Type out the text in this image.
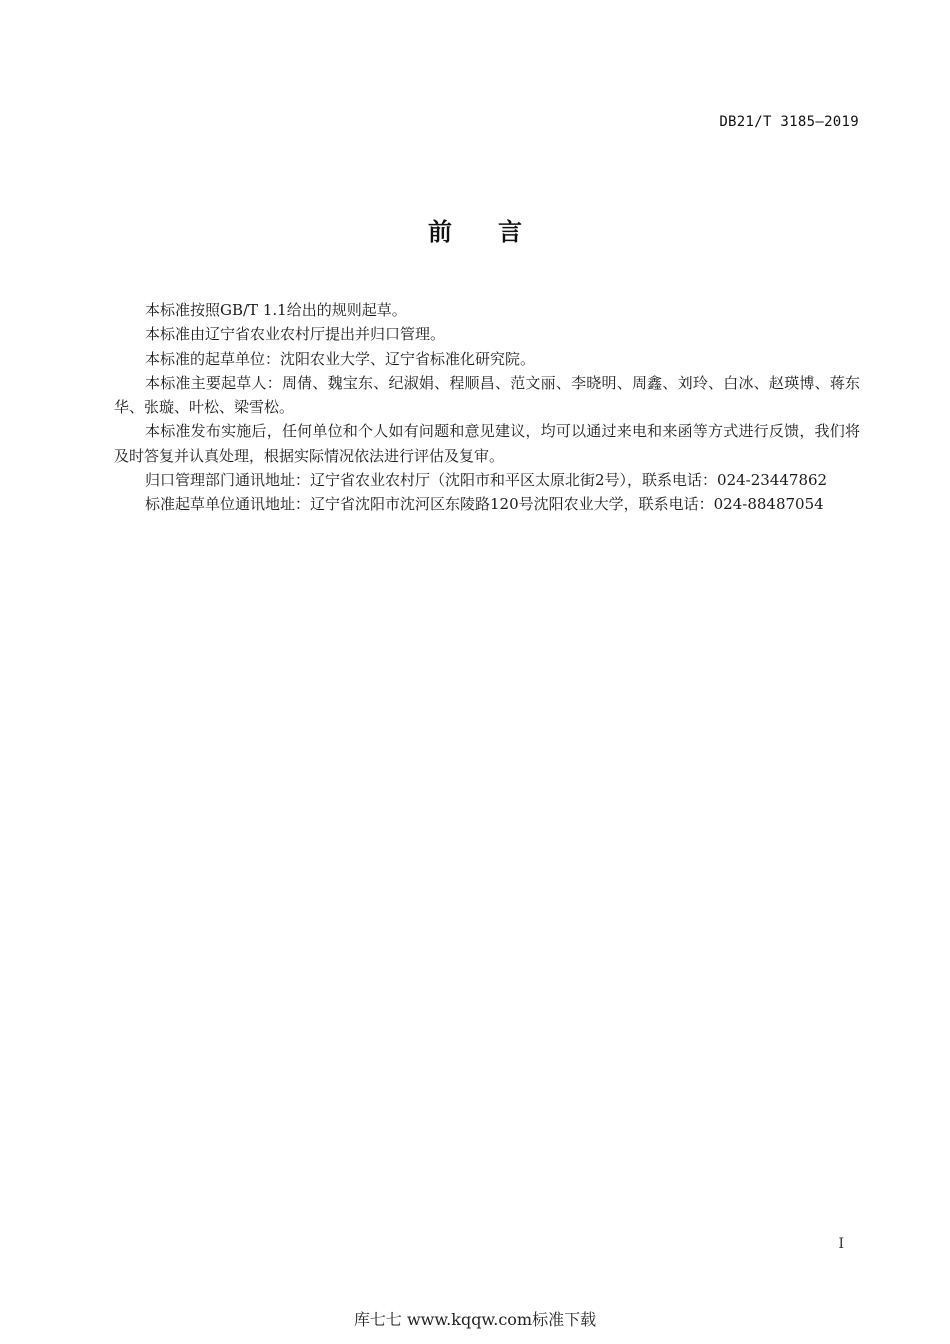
DB21/T 3185—2019
前 言

本标准按照GB/T 1.1给出的规则起草。

本标准由辽宁省农业农村厅提出并归口管理。

本标准的起草单位：沈阳农业大学、辽宁省标准化研究院。

本标准主要起草人：周倩、魏宝东、纪淑娟、程顺昌、范文丽、李晓明、周鑫、刘玲、白冰、赵瑛博、蒋东华、张璇、叶松、梁雪松。

本标准发布实施后，任何单位和个人如有问题和意见建议，均可以通过来电和来函等方式进行反馈，我们将及时答复并认真处理，根据实际情况依法进行评估及复审。

归口管理部门通讯地址：辽宁省农业农村厅（沈阳市和平区太原北街2号），联系电话：024-23447862

标准起草单位通讯地址：辽宁省沈阳市沈河区东陵路120号沈阳农业大学，联系电话：024-88487054

I
库七七 www.kqqw.com标准下载
